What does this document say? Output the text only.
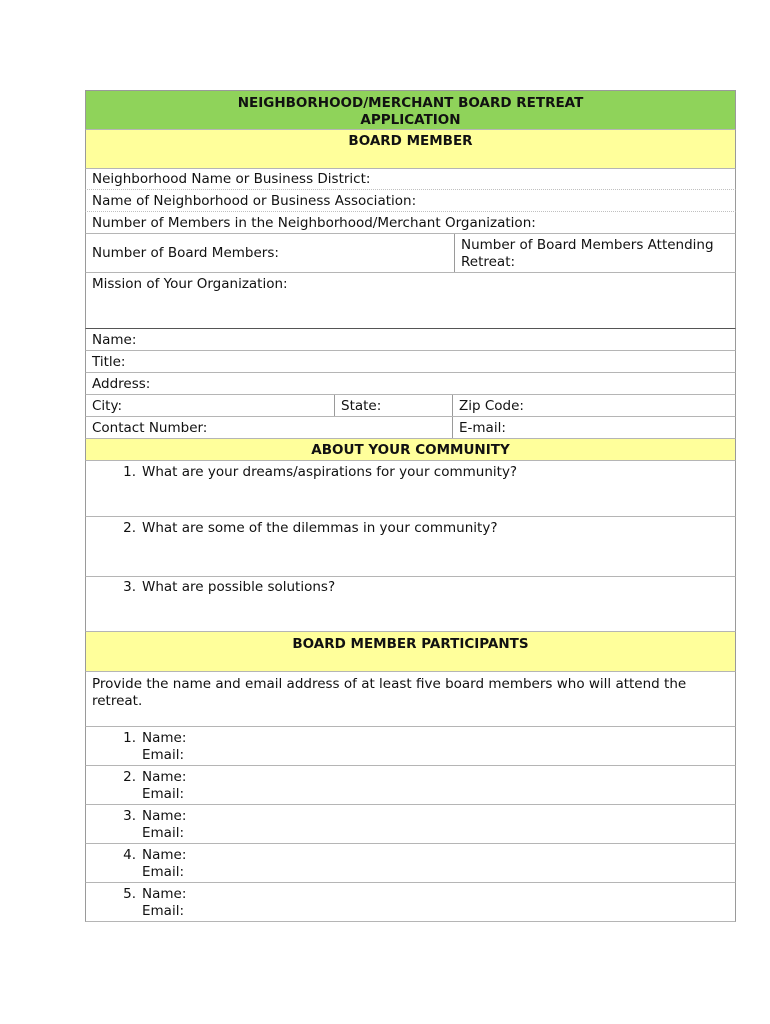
NEIGHBORHOOD/MERCHANT BOARD RETREAT
APPLICATION
BOARD MEMBER
Neighborhood Name or Business District:
Name of Neighborhood or Business Association:
Number of Members in the Neighborhood/Merchant Organization:
Number of Board Members:	Number of Board Members Attending
Retreat:
Mission of Your Organization:
Name:
Title:
Address:
City:	State:	Zip Code:
Contact Number:	E-mail:
ABOUT YOUR COMMUNITY
1. What are your dreams/aspirations for your community?
2. What are some of the dilemmas in your community?
3. What are possible solutions?
BOARD MEMBER PARTICIPANTS
Provide the name and email address of at least five board members who will attend the
retreat.
1. Name:
Email:
2. Name:
Email:
3. Name:
Email:
4. Name:
Email:
5. Name:
Email:
